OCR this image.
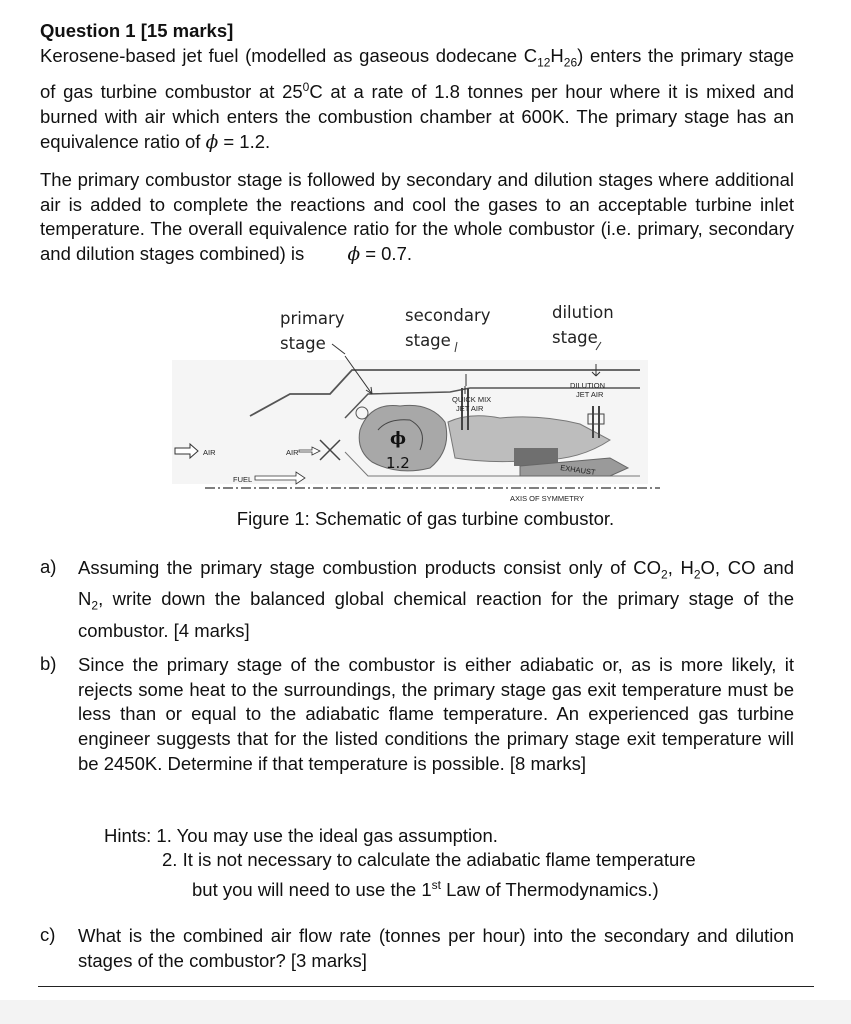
Question 1 [15 marks]
Kerosene-based jet fuel (modelled as gaseous dodecane $C_{12}H_{26}$) enters the primary stage of gas turbine combustor at $25^0C$ at a rate of 1.8 tonnes per hour where it is mixed and burned with air which enters the combustion chamber at 600K. The primary stage has an equivalence ratio of ϕ = 1.2.
The primary combustor stage is followed by secondary and dilution stages where additional air is added to complete the reactions and cool the gases to an acceptable turbine inlet temperature. The overall equivalence ratio for the whole combustor (i.e. primary, secondary and dilution stages combined) is ϕ = 0.7.
primary
stage
secondary
stage
dilution
stage
AIR	AIR
FUEL
AXIS OF SYMMETRY
QUICK MIX
JET AIR
DILUTION
JET AIR
EXHAUST
ϕ
1.2
Figure 1: Schematic of gas turbine combustor.
a) Assuming the primary stage combustion products consist only of $CO_2$, $H_2O$, CO and $N_2$, write down the balanced global chemical reaction for the primary stage of the combustor. [4 marks]
b) Since the primary stage of the combustor is either adiabatic or, as is more likely, it rejects some heat to the surroundings, the primary stage gas exit temperature must be less than or equal to the adiabatic flame temperature. An experienced gas turbine engineer suggests that for the listed conditions the primary stage exit temperature will be 2450K. Determine if that temperature is possible. [8 marks]
Hints: 1. You may use the ideal gas assumption.
2. It is not necessary to calculate the adiabatic flame temperature
but you will need to use the 1st Law of Thermodynamics.)
c) What is the combined air flow rate (tonnes per hour) into the secondary and dilution stages of the combustor? [3 marks]
